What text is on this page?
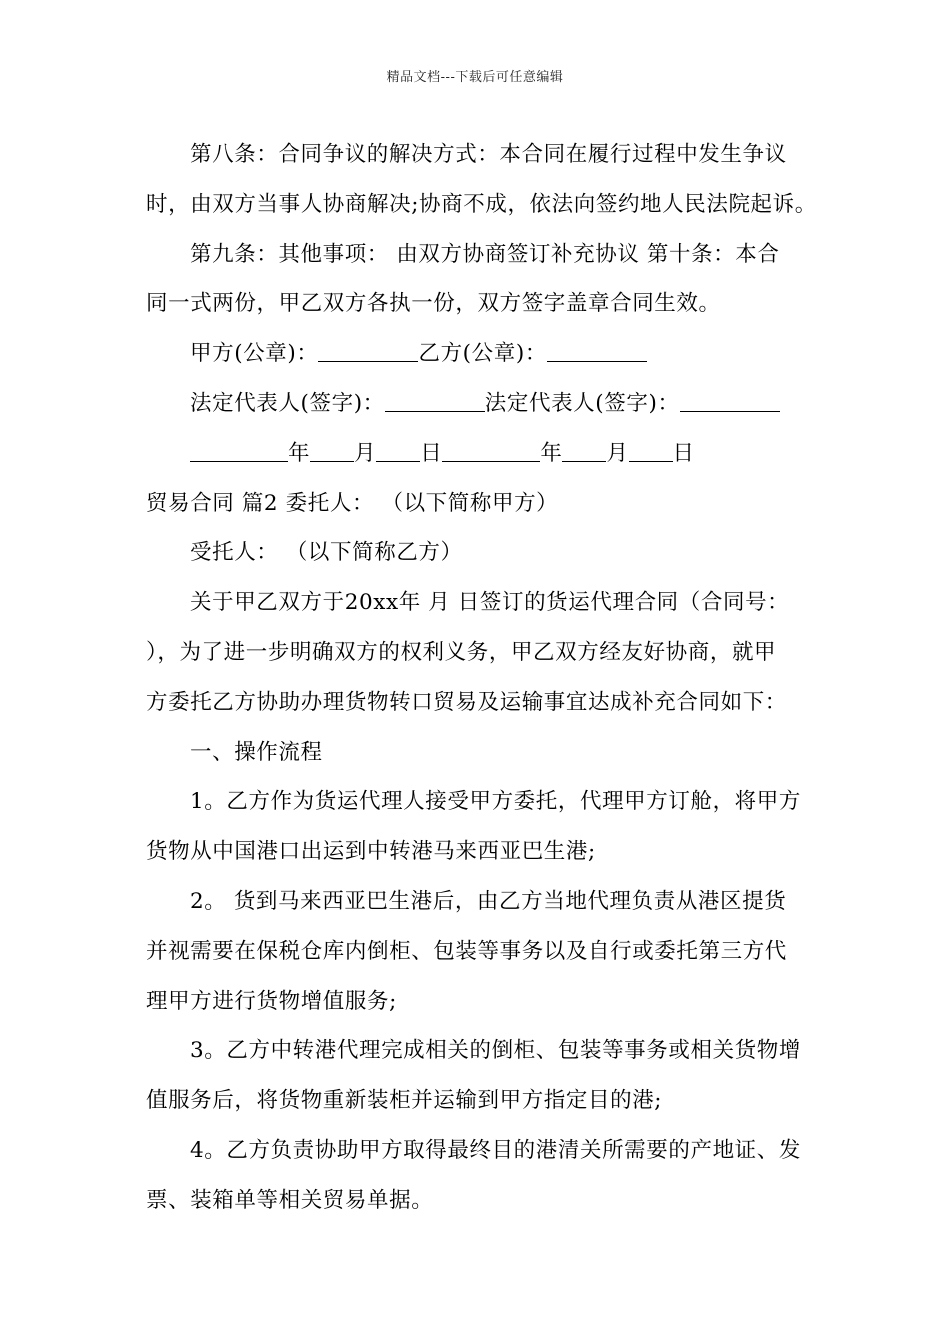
精品文档---下载后可任意编辑
第八条：合同争议的解决方式：本合同在履行过程中发生争议
时，由双方当事人协商解决;协商不成，依法向签约地人民法院起诉。
第九条：其他事项： 由双方协商签订补充协议 第十条：本合
同一式两份，甲乙双方各执一份，双方签字盖章合同生效。
甲方(公章)：	乙方(公章)：
法定代表人(签字)：	法定代表人(签字)：
年 月 日	年 月 日
贸易合同 篇2 委托人： （以下简称甲方）
受托人： （以下简称乙方）
关于甲乙双方于20xx年 月 日签订的货运代理合同（合同号：
），为了进一步明确双方的权利义务，甲乙双方经友好协商，就甲
方委托乙方协助办理货物转口贸易及运输事宜达成补充合同如下：
一、操作流程
1。乙方作为货运代理人接受甲方委托，代理甲方订舱，将甲方
货物从中国港口出运到中转港马来西亚巴生港;
2。 货到马来西亚巴生港后，由乙方当地代理负责从港区提货
并视需要在保税仓库内倒柜、包装等事务以及自行或委托第三方代
理甲方进行货物增值服务;
3。乙方中转港代理完成相关的倒柜、包装等事务或相关货物增
值服务后，将货物重新装柜并运输到甲方指定目的港;
4。乙方负责协助甲方取得最终目的港清关所需要的产地证、发
票、装箱单等相关贸易单据。
